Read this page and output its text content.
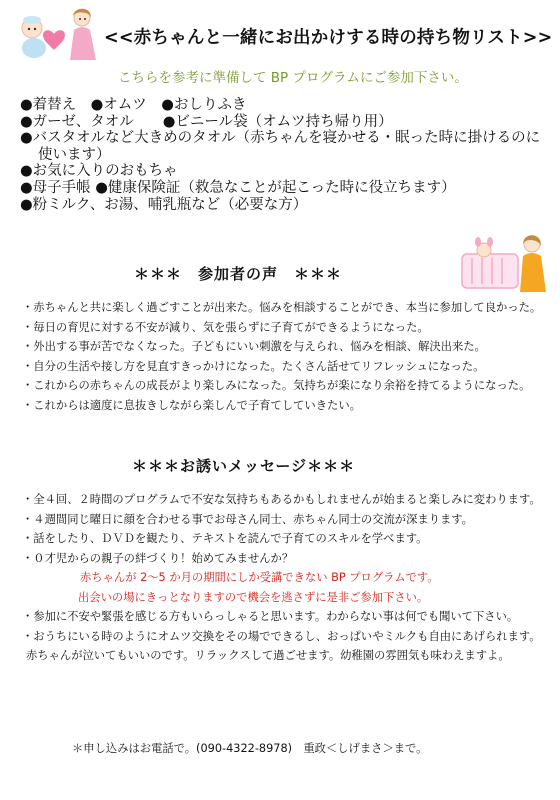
<<赤ちゃんと一緒にお出かけする時の持ち物リスト>>
こちらを参考に準備して BP プログラムにご参加下さい。
●着替え　●オムツ　●おしりふき
●ガーゼ、タオル　　●ビニール袋（オムツ持ち帰り用）
●バスタオルなど大きめのタオル（赤ちゃんを寝かせる・眠った時に掛けるのに使います）
●お気に入りのおもちゃ
●母子手帳 ●健康保険証（救急なことが起こった時に役立ちます）
●粉ミルク、お湯、哺乳瓶など（必要な方）
＊＊＊　参加者の声　＊＊＊
・赤ちゃんと共に楽しく過ごすことが出来た。悩みを相談することができ、本当に参加して良かった。
・毎日の育児に対する不安が減り、気を張らずに子育てができるようになった。
・外出する事が苦でなくなった。子どもにいい刺激を与えられ、悩みを相談、解決出来た。
・自分の生活や接し方を見直すきっかけになった。たくさん話せてリフレッシュになった。
・これからの赤ちゃんの成長がより楽しみになった。気持ちが楽になり余裕を持てるようになった。
・これからは適度に息抜きしながら楽しんで子育てしていきたい。
＊＊＊お誘いメッセージ＊＊＊
・全４回、２時間のプログラムで不安な気持ちもあるかもしれませんが始まると楽しみに変わります。
・４週間同じ曜日に顔を合わせる事でお母さん同士、赤ちゃん同士の交流が深まります。
・話をしたり、ＤＶＤを観たり、テキストを読んで子育てのスキルを学べます。
・０才児からの親子の絆づくり！始めてみませんか？
赤ちゃんが 2～5 か月の期間にしか受講できない BP プログラムです。
出会いの場にきっとなりますので機会を逃さずに是非ご参加下さい。
・参加に不安や緊張を感じる方もいらっしゃると思います。わからない事は何でも聞いて下さい。
・おうちにいる時のようにオムツ交換をその場でできるし、おっぱいやミルクも自由にあげられます。
赤ちゃんが泣いてもいいのです。リラックスして過ごせます。幼稚園の雰囲気も味わえますよ。
＊申し込みはお電話で。(090-4322-8978)　重政＜しげまさ＞まで。
